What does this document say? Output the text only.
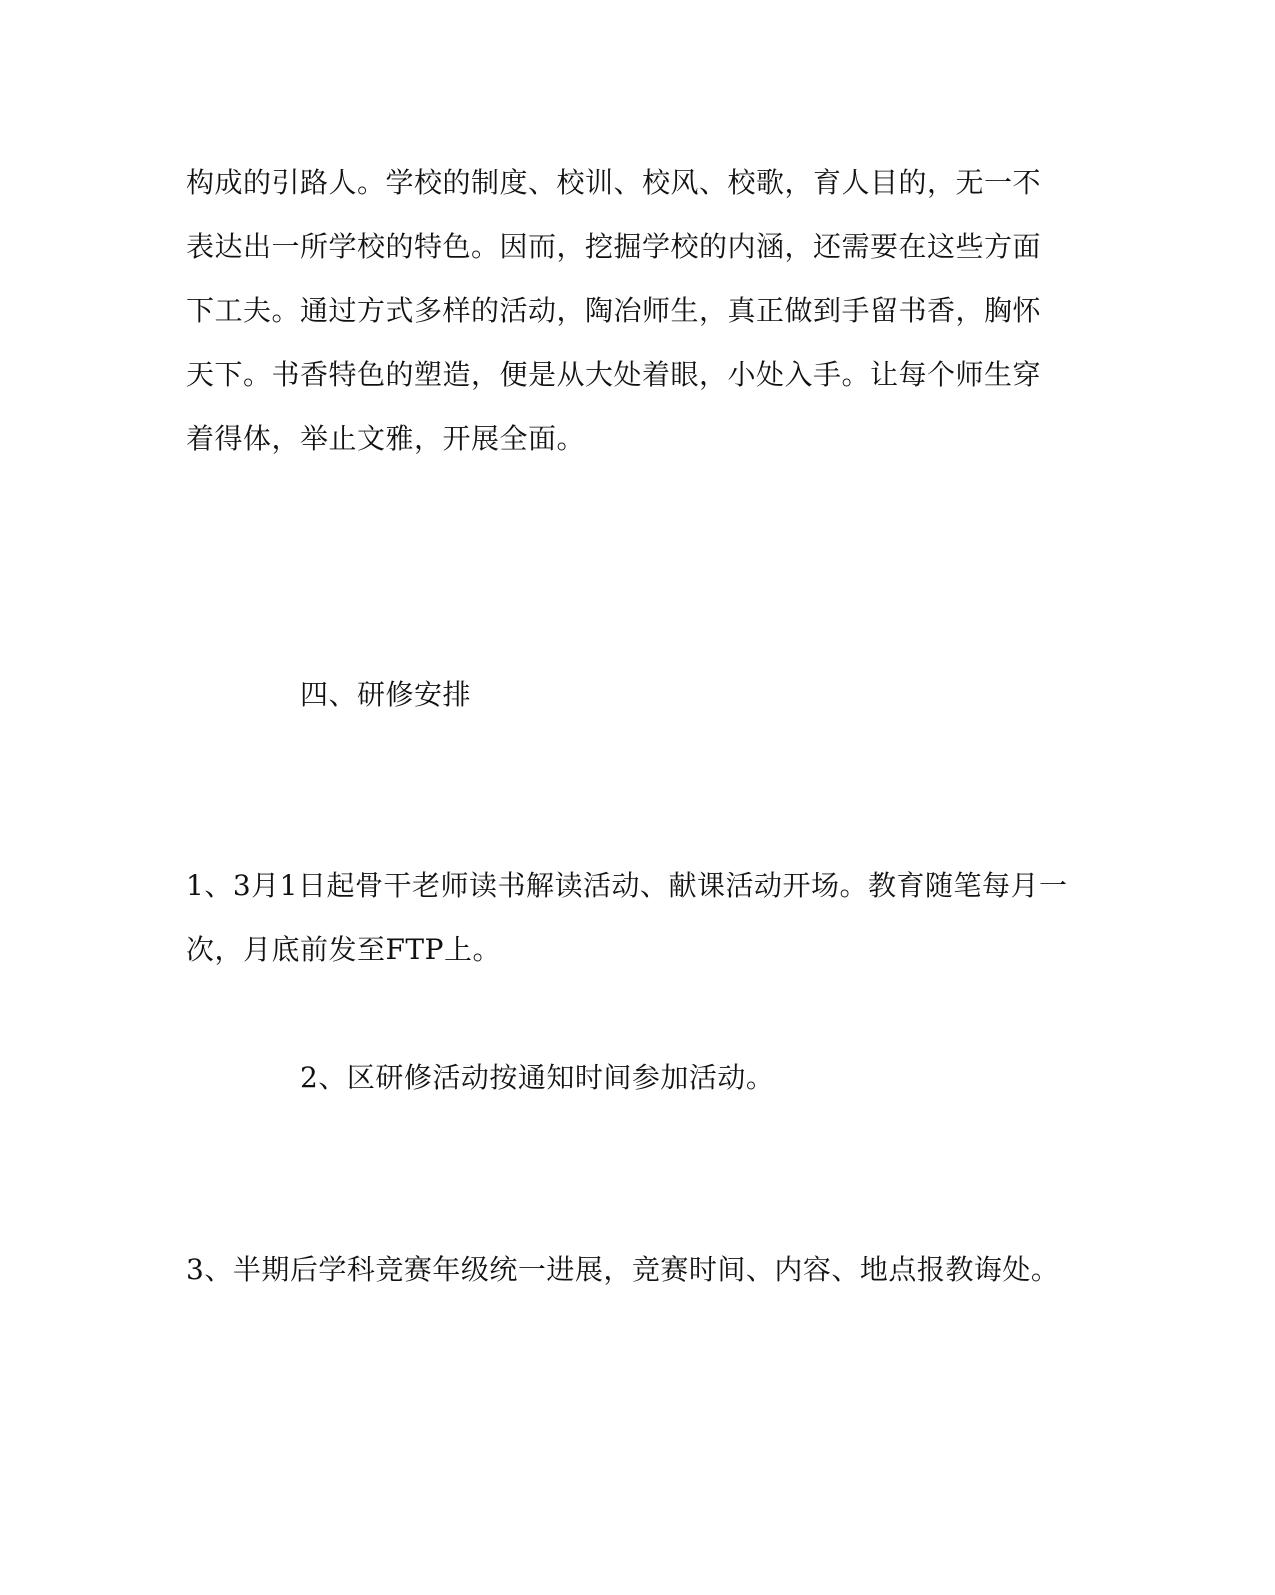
构成的引路人。学校的制度、校训、校风、校歌，育人目的，无一不
表达出一所学校的特色。因而，挖掘学校的内涵，还需要在这些方面
下工夫。通过方式多样的活动，陶冶师生，真正做到手留书香，胸怀
天下。书香特色的塑造，便是从大处着眼，小处入手。让每个师生穿
着得体，举止文雅，开展全面。
四、研修安排
1、3月1日起骨干老师读书解读活动、献课活动开场。教育随笔每月一
次，月底前发至FTP上。
2、区研修活动按通知时间参加活动。
3、半期后学科竞赛年级统一进展，竞赛时间、内容、地点报教诲处。
